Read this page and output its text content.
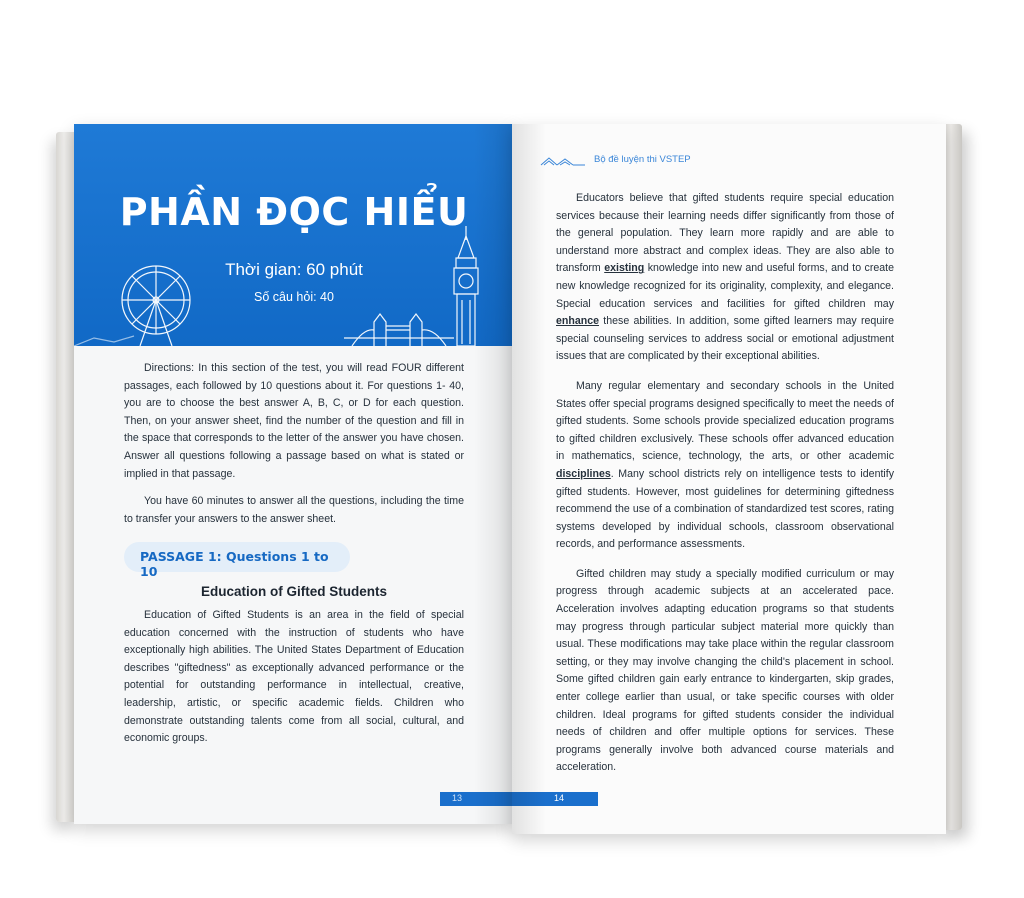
PHẦN ĐỌC HIỂU
Thời gian: 60 phút
Số câu hỏi: 40

Directions: In this section of the test, you will read FOUR different passages, each followed by 10 questions about it. For questions 1- 40, you are to choose the best answer A, B, C, or D for each question. Then, on your answer sheet, find the number of the question and fill in the space that corresponds to the letter of the answer you have chosen. Answer all questions following a passage based on what is stated or implied in that passage.

You have 60 minutes to answer all the questions, including the time to transfer your answers to the answer sheet.

PASSAGE 1: Questions 1 to 10
Education of Gifted Students

Education of Gifted Students is an area in the field of special education concerned with the instruction of students who have exceptionally high abilities. The United States Department of Education describes "giftedness" as exceptionally advanced performance or the potential for outstanding performance in intellectual, creative, leadership, artistic, or specific academic fields. Children who demonstrate outstanding talents come from all social, cultural, and economic groups.

13
Bộ đề luyện thi VSTEP

Educators believe that gifted students require special education services because their learning needs differ significantly from those of the general population. They learn more rapidly and are able to understand more abstract and complex ideas. They are also able to transform existing knowledge into new and useful forms, and to create new knowledge recognized for its originality, complexity, and elegance. Special education services and facilities for gifted children may enhance these abilities. In addition, some gifted learners may require special counseling services to address social or emotional adjustment issues that are complicated by their exceptional abilities.

Many regular elementary and secondary schools in the United States offer special programs designed specifically to meet the needs of gifted students. Some schools provide specialized education programs to gifted children exclusively. These schools offer advanced education in mathematics, science, technology, the arts, or other academic disciplines. Many school districts rely on intelligence tests to identify gifted students. However, most guidelines for determining giftedness recommend the use of a combination of standardized test scores, rating systems developed by individual schools, classroom observational records, and performance assessments.

Gifted children may study a specially modified curriculum or may progress through academic subjects at an accelerated pace. Acceleration involves adapting education programs so that students may progress through particular subject material more quickly than usual. These modifications may take place within the regular classroom setting, or they may involve changing the child's placement in school. Some gifted children gain early entrance to kindergarten, skip grades, enter college earlier than usual, or take specific courses with older children. Ideal programs for gifted students consider the individual needs of children and offer multiple options for services. These programs generally involve both advanced course materials and acceleration.

14
